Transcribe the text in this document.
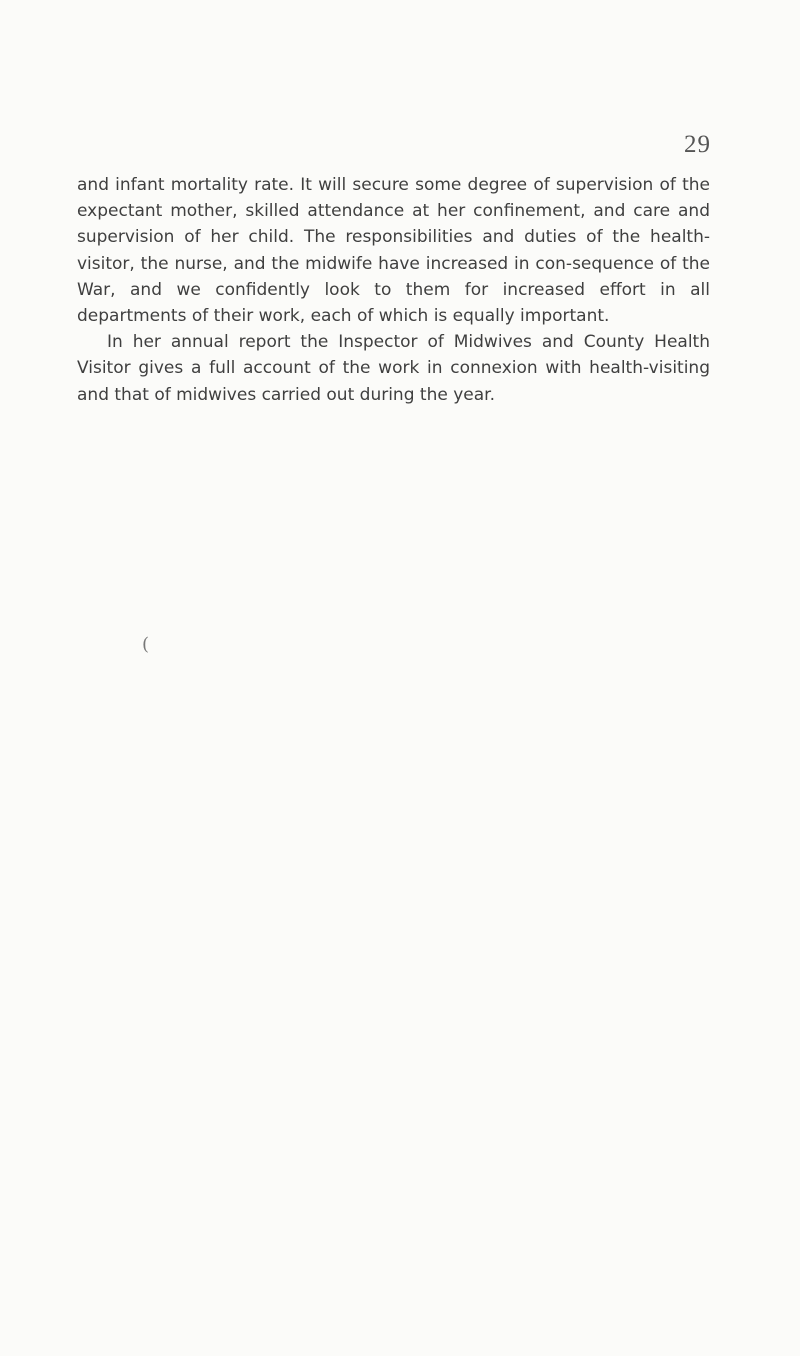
29

and infant mortality rate. It will secure some degree of supervision of the expectant mother, skilled attendance at her confinement, and care and supervision of her child. The responsibilities and duties of the health-visitor, the nurse, and the midwife have increased in con-sequence of the War, and we confidently look to them for increased effort in all departments of their work, each of which is equally important.

In her annual report the Inspector of Midwives and County Health Visitor gives a full account of the work in connexion with health-visiting and that of midwives carried out during the year.

(
